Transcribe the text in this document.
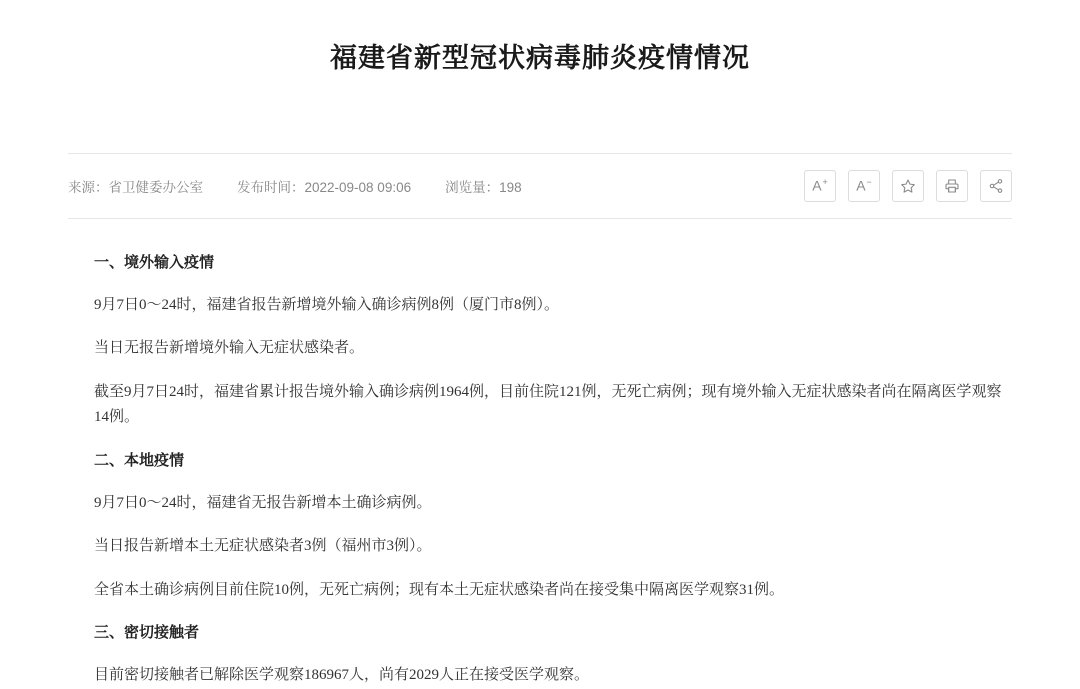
福建省新型冠状病毒肺炎疫情情况
来源：省卫健委办公室	发布时间：2022-09-08 09:06	浏览量：198	A+ A−

一、境外输入疫情

9月7日0～24时，福建省报告新增境外输入确诊病例8例（厦门市8例）。

当日无报告新增境外输入无症状感染者。

截至9月7日24时，福建省累计报告境外输入确诊病例1964例，目前住院121例，无死亡病例；现有境外输入无症状感染者尚在隔离医学观察14例。

二、本地疫情

9月7日0～24时，福建省无报告新增本土确诊病例。

当日报告新增本土无症状感染者3例（福州市3例）。

全省本土确诊病例目前住院10例，无死亡病例；现有本土无症状感染者尚在接受集中隔离医学观察31例。

三、密切接触者

目前密切接触者已解除医学观察186967人，尚有2029人正在接受医学观察。
